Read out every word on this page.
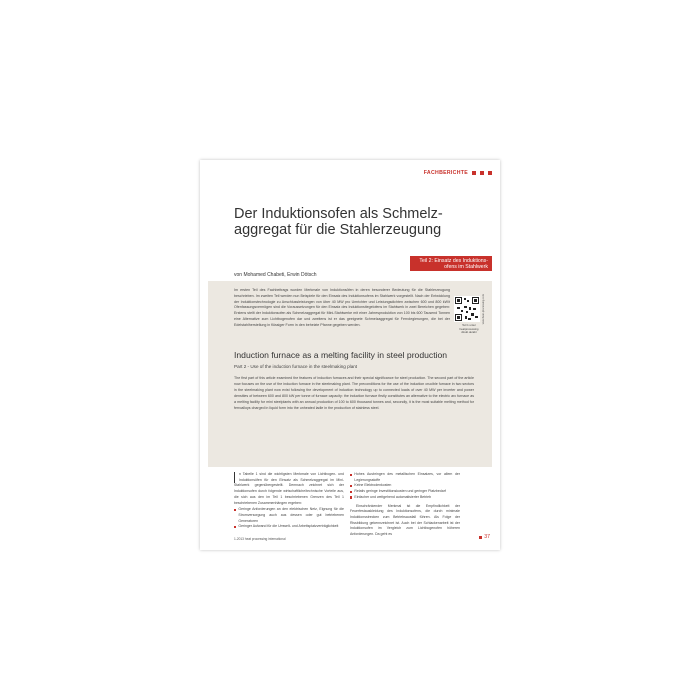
FACHBERICHTE
Der Induktionsofen als Schmelz-
aggregat für die Stahlerzeugung
Teil 2: Einsatz des Induktions-
ofens im Stahlwerk
von Mohamed Chabeti, Erwin Dötsch

Im ersten Teil des Fachbeitrags wurden Merkmale von Induktionsöfen in deren besonderer Bedeutung für die Stahlerzeugung beschrieben. Im zweiten Teil werden nun Beispiele für den Einsatz des Induktionsofens im Stahlwerk vorgestellt. Nach der Entwicklung der Induktionstechnologie zu Anschlussleistungen von über 40 MW pro Umrichter und Leistungsdichten zwischen 600 und 800 kW/t Ofenfassungsvermögen sind die Voraussetzungen für den Einsatz des Induktionstiegelofens im Stahlwerk in zwei Bereichen gegeben: Erstens stellt der Induktionsofen als Schmelzaggregat für Mini-Stahlwerke mit einer Jahresproduktion von 100 bis 600 Tausend Tonnen eine Alternative zum Lichtbogenofen dar und zweitens ist er das geeignete Schmelzaggregat für Ferrolegierungen, die bei der Edelstahlherstellung in flüssiger Form in den beheizte Pfanne gegeben werden.	Teil 1 unter
heatprocessing
direkt.de/abr
www.heat-processing.com
Induction furnace as a melting facility in steel production
Part 2 - Use of the induction furnace in the steelmaking plant

The first part of this article examined the features of induction furnaces and their special significance for steel production. The second part of the article now focuses on the use of the induction furnace in the steelmaking plant. The preconditions for the use of the induction crucible furnace in two sectors in the steelmaking plant now exist following the development of induction technology up to connected loads of over 40 MW per inverter and power densities of between 600 and 800 kW per tonne of furnace capacity: the induction furnace firstly constitutes an alternative to the electric arc furnace as a melting facility for mini steelplants with an annual production of 100 to 600 thousand tonnes and, secondly, it is the most suitable melting method for ferroalloys charged in liquid form into the unheated ladle in the production of stainless steel.

n Tabelle 1 sind die wichtigsten Merkmale von Lichtbogen- und Induktionsöfen für den Einsatz als Schmelzaggregat im Mini-Stahlwerk gegenübergestellt. Demnach zeichnet sich der Induktionsofen durch folgende wirtschaftliche/technische Vorteile aus, die sich aus den im Teil 1 beschriebenen Grenzen des Teil 1 beschriebenen Zusammenhängen ergeben:

Geringe Anforderungen an den elektrischen Netz, Eignung für die Stromversorgung auch aus dessen oder gut betriebenen Generatoren
Geringer Aufwand für die Umwelt- und Arbeitsplatzverträglichkeit
Hohes Ausbringen des metallischen Einsatzes, vor allem der Legierungsstoffe
Keine Elektrodenkosten
Relativ geringe Investitionskosten und geringer Platzbedarf
Einfacher und weitgehend automatisierter Betrieb

Einschränkender Merkmal ist die Empfindlichkeit der Feuerfestauskleidung des Induktionsofens, die durch minimale Induktionsstrecken zum Betriebsausfall führen. Als Folge der Rissbildung gekennzeichnet ist. Auch bei der Schlackenarbeit ist der Induktionsofen im Vergleich zum Lichtbogenofen höheren Anforderungen. Da geht es

1-2013 heat processing international	37
